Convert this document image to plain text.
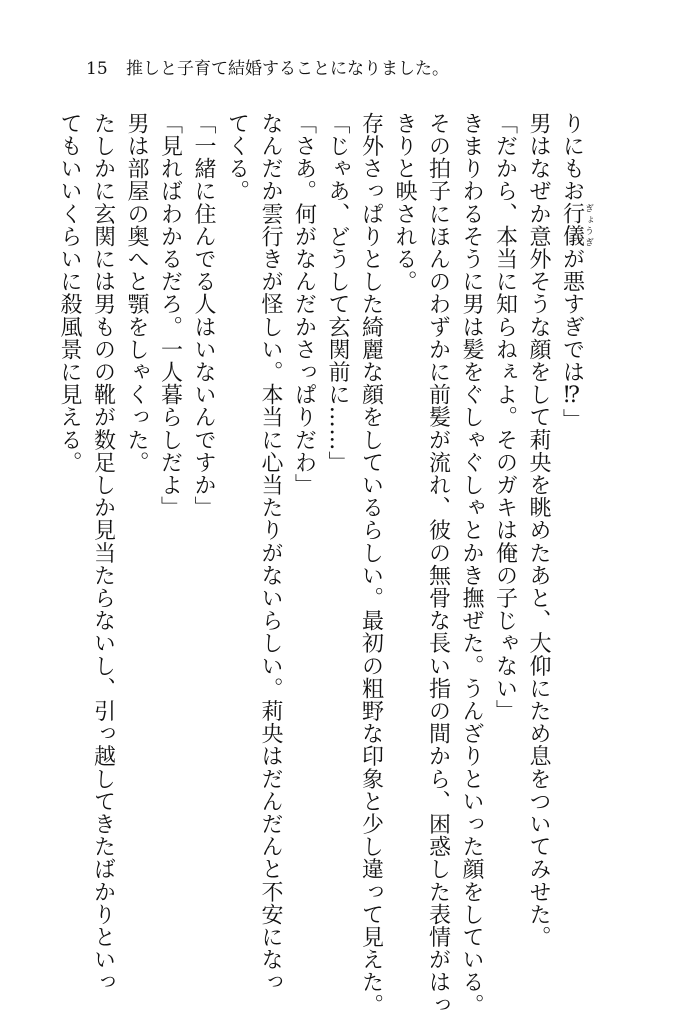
15 推しと子育て結婚することになりました。
りにもお行儀ぎょうぎが悪すぎでは⁉」
男はなぜか意外そうな顔をして莉央を眺めたあと、大仰にため息をついてみせた。
「だから、本当に知らねぇよ。そのガキは俺の子じゃない」
きまりわるそうに男は髪をぐしゃぐしゃとかき撫ぜた。うんざりといった顔をしている。
その拍子にほんのわずかに前髪が流れ、彼の無骨な長い指の間から、困惑した表情がはっ
きりと映される。
存外さっぱりとした綺麗な顔をしているらしい。最初の粗野な印象と少し違って見えた。
「じゃあ、どうして玄関前に……」
「さあ。何がなんだかさっぱりだわ」
なんだか雲行きが怪しい。本当に心当たりがないらしい。莉央はだんだんと不安になっ
てくる。
「一緒に住んでる人はいないんですか」
「見ればわかるだろ。一人暮らしだよ」
男は部屋の奥へと顎をしゃくった。
たしかに玄関には男ものの靴が数足しか見当たらないし、引っ越してきたばかりといっ
てもいいくらいに殺風景に見える。
